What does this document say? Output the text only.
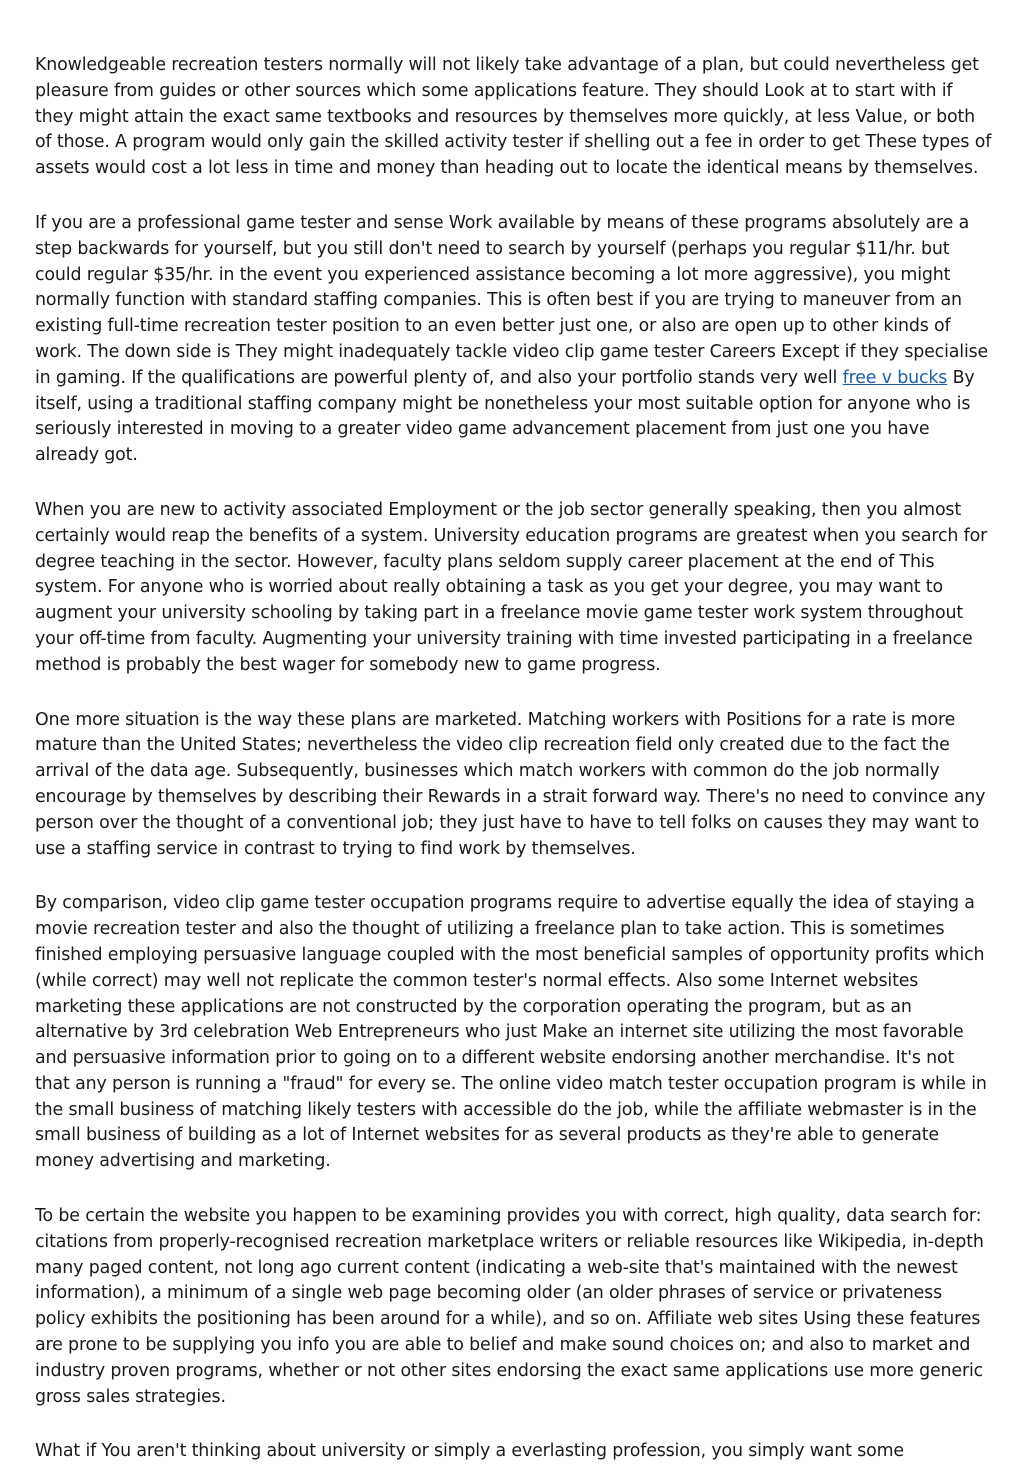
Knowledgeable recreation testers normally will not likely take advantage of a plan, but could nevertheless get pleasure from guides or other sources which some applications feature. They should Look at to start with if they might attain the exact same textbooks and resources by themselves more quickly, at less Value, or both of those. A program would only gain the skilled activity tester if shelling out a fee in order to get These types of assets would cost a lot less in time and money than heading out to locate the identical means by themselves.

If you are a professional game tester and sense Work available by means of these programs absolutely are a step backwards for yourself, but you still don't need to search by yourself (perhaps you regular $11/hr. but could regular $35/hr. in the event you experienced assistance becoming a lot more aggressive), you might normally function with standard staffing companies. This is often best if you are trying to maneuver from an existing full-time recreation tester position to an even better just one, or also are open up to other kinds of work. The down side is They might inadequately tackle video clip game tester Careers Except if they specialise in gaming. If the qualifications are powerful plenty of, and also your portfolio stands very well free v bucks By itself, using a traditional staffing company might be nonetheless your most suitable option for anyone who is seriously interested in moving to a greater video game advancement placement from just one you have already got.

When you are new to activity associated Employment or the job sector generally speaking, then you almost certainly would reap the benefits of a system. University education programs are greatest when you search for degree teaching in the sector. However, faculty plans seldom supply career placement at the end of This system. For anyone who is worried about really obtaining a task as you get your degree, you may want to augment your university schooling by taking part in a freelance movie game tester work system throughout your off-time from faculty. Augmenting your university training with time invested participating in a freelance method is probably the best wager for somebody new to game progress.

One more situation is the way these plans are marketed. Matching workers with Positions for a rate is more mature than the United States; nevertheless the video clip recreation field only created due to the fact the arrival of the data age. Subsequently, businesses which match workers with common do the job normally encourage by themselves by describing their Rewards in a strait forward way. There's no need to convince any person over the thought of a conventional job; they just have to have to tell folks on causes they may want to use a staffing service in contrast to trying to find work by themselves.

By comparison, video clip game tester occupation programs require to advertise equally the idea of staying a movie recreation tester and also the thought of utilizing a freelance plan to take action. This is sometimes finished employing persuasive language coupled with the most beneficial samples of opportunity profits which (while correct) may well not replicate the common tester's normal effects. Also some Internet websites marketing these applications are not constructed by the corporation operating the program, but as an alternative by 3rd celebration Web Entrepreneurs who just Make an internet site utilizing the most favorable and persuasive information prior to going on to a different website endorsing another merchandise. It's not that any person is running a "fraud" for every se. The online video match tester occupation program is while in the small business of matching likely testers with accessible do the job, while the affiliate webmaster is in the small business of building as a lot of Internet websites for as several products as they're able to generate money advertising and marketing.

To be certain the website you happen to be examining provides you with correct, high quality, data search for: citations from properly-recognised recreation marketplace writers or reliable resources like Wikipedia, in-depth many paged content, not long ago current content (indicating a web-site that's maintained with the newest information), a minimum of a single web page becoming older (an older phrases of service or privateness policy exhibits the positioning has been around for a while), and so on. Affiliate web sites Using these features are prone to be supplying you info you are able to belief and make sound choices on; and also to market and industry proven programs, whether or not other sites endorsing the exact same applications use more generic gross sales strategies.

What if You aren't thinking about university or simply a everlasting profession, you simply want some
